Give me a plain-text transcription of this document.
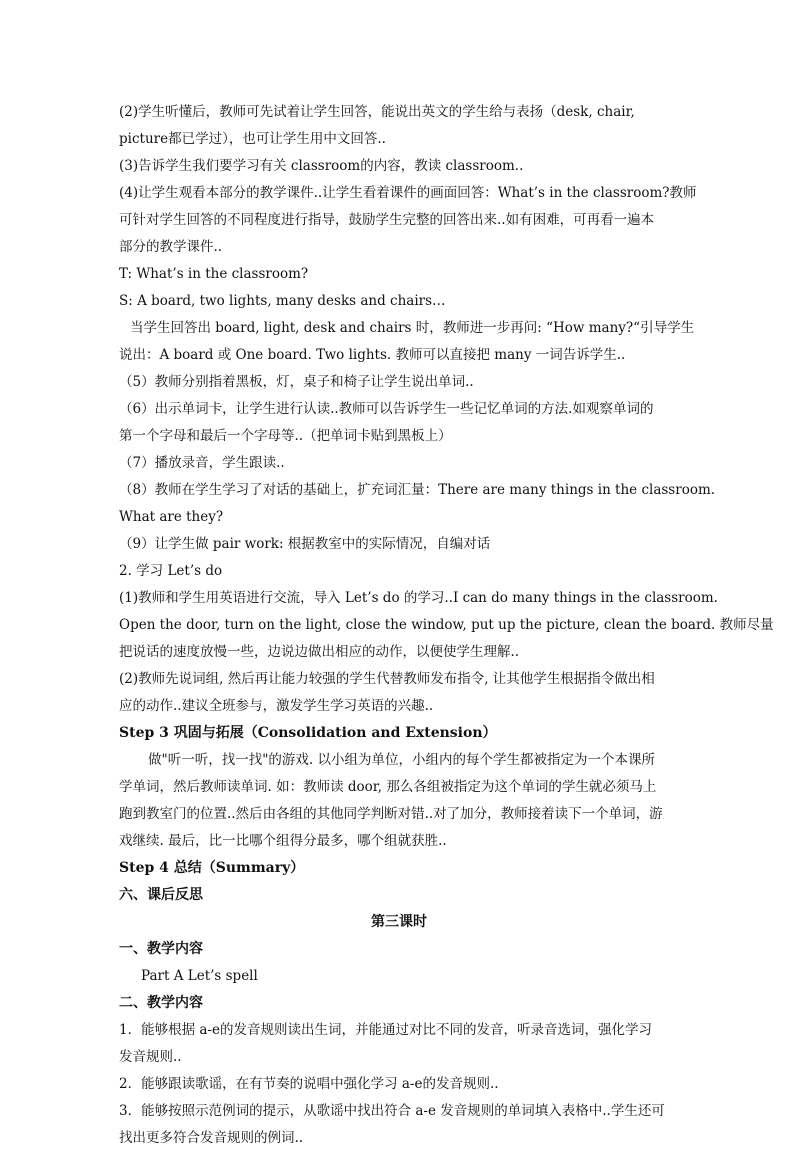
(2)学生听懂后，教师可先试着让学生回答，能说出英文的学生给与表扬（desk, chair,
picture都已学过），也可让学生用中文回答..
(3)告诉学生我们要学习有关 classroom的内容，教读 classroom..
(4)让学生观看本部分的教学课件..让学生看着课件的画面回答：What’s in the classroom?教师
可针对学生回答的不同程度进行指导，鼓励学生完整的回答出来..如有困难，可再看一遍本
部分的教学课件..
T: What’s in the classroom?
S: A board, two lights, many desks and chairs…
当学生回答出 board, light, desk and chairs 时，教师进一步再问: “How many?“引导学生
说出：A board 或 One board. Two lights. 教师可以直接把 many 一词告诉学生..
（5）教师分别指着黑板，灯，桌子和椅子让学生说出单词..
（6）出示单词卡，让学生进行认读..教师可以告诉学生一些记忆单词的方法.如观察单词的
第一个字母和最后一个字母等..（把单词卡贴到黑板上）
（7）播放录音，学生跟读..
（8）教师在学生学习了对话的基础上，扩充词汇量：There are many things in the classroom.
What are they?
（9）让学生做 pair work: 根据教室中的实际情况，自编对话
2. 学习 Let’s do
(1)教师和学生用英语进行交流，导入 Let’s do 的学习..I can do many things in the classroom.
Open the door, turn on the light, close the window, put up the picture, clean the board. 教师尽量
把说话的速度放慢一些，边说边做出相应的动作，以便使学生理解..
(2)教师先说词组, 然后再让能力较强的学生代替教师发布指令, 让其他学生根据指令做出相
应的动作..建议全班参与，激发学生学习英语的兴趣..
Step 3 巩固与拓展（Consolidation and Extension）
做"听一听，找一找"的游戏. 以小组为单位，小组内的每个学生都被指定为一个本课所
学单词，然后教师读单词. 如：教师读 door, 那么各组被指定为这个单词的学生就必须马上
跑到教室门的位置..然后由各组的其他同学判断对错..对了加分，教师接着读下一个单词，游
戏继续. 最后，比一比哪个组得分最多，哪个组就获胜..
Step 4 总结（Summary）
六、课后反思
第三课时
一、教学内容
Part A Let’s spell
二、教学内容
1．能够根据 a-e的发音规则读出生词，并能通过对比不同的发音，听录音选词，强化学习
发音规则..
2．能够跟读歌谣，在有节奏的说唱中强化学习 a-e的发音规则..
3．能够按照示范例词的提示，从歌谣中找出符合 a-e 发音规则的单词填入表格中..学生还可
找出更多符合发音规则的例词..
